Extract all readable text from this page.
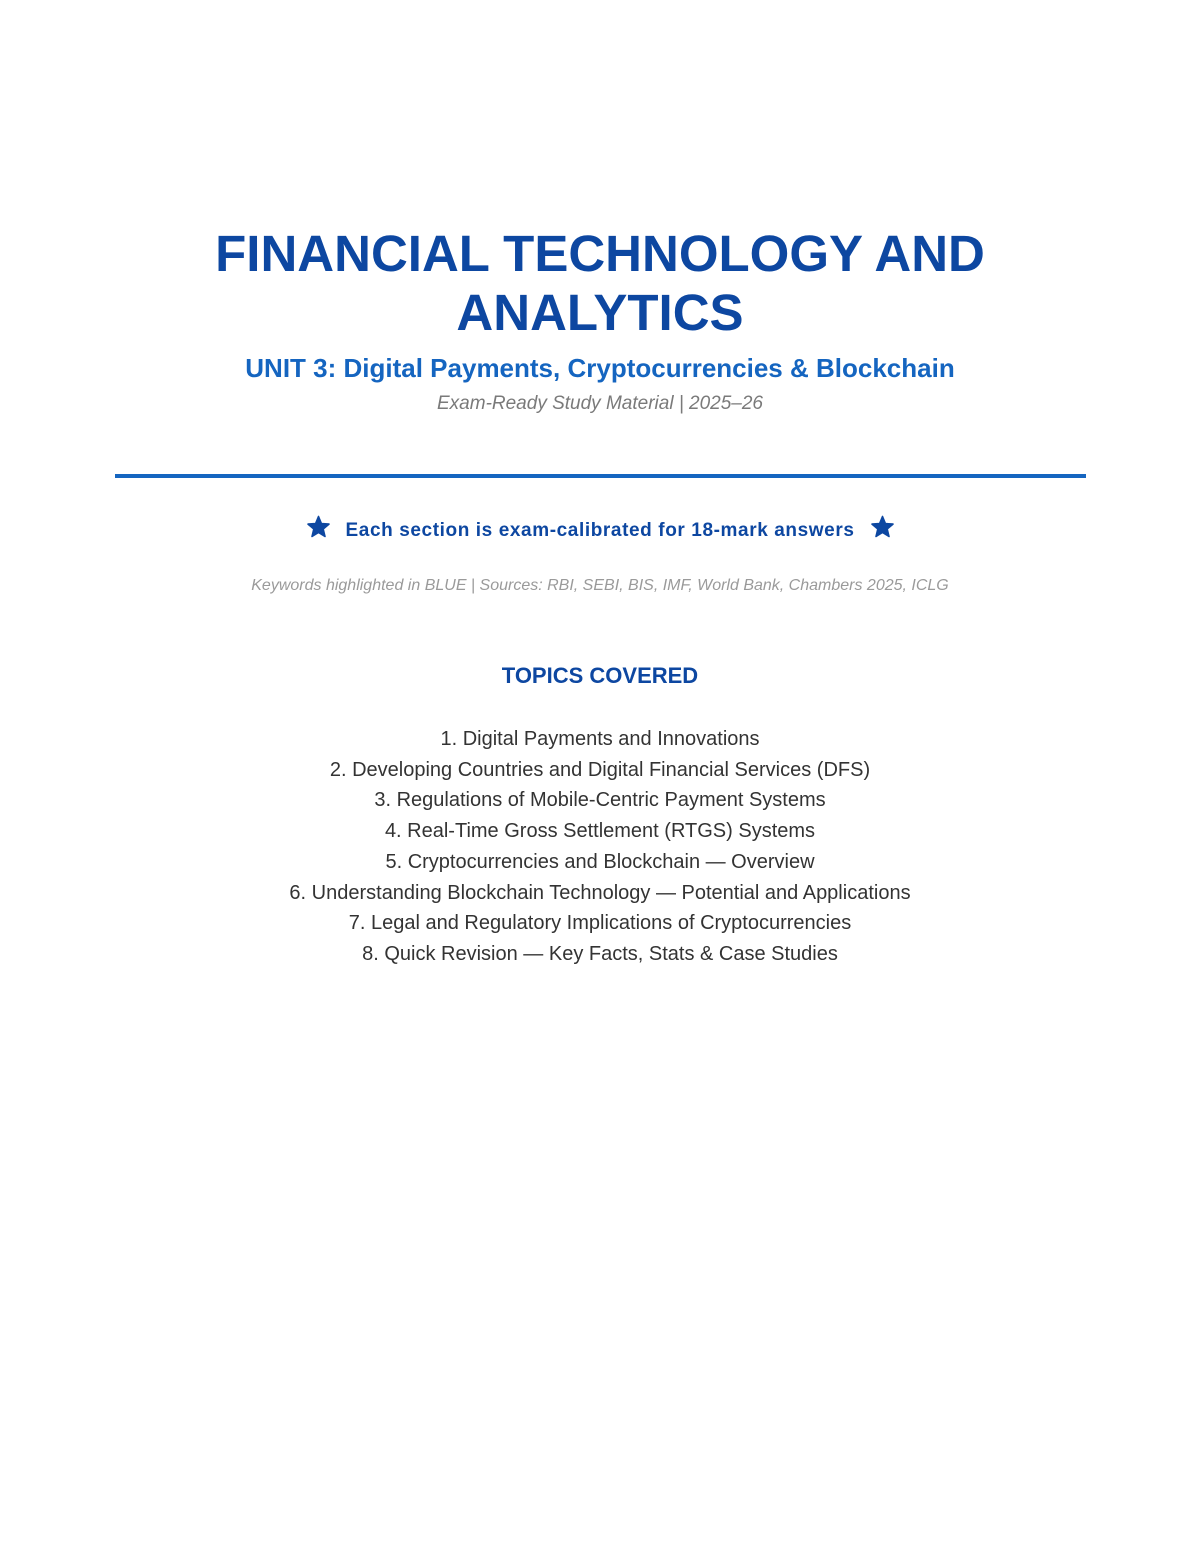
FINANCIAL TECHNOLOGY AND ANALYTICS
UNIT 3: Digital Payments, Cryptocurrencies & Blockchain
Exam-Ready Study Material | 2025–26
Each section is exam-calibrated for 18-mark answers
Keywords highlighted in BLUE | Sources: RBI, SEBI, BIS, IMF, World Bank, Chambers 2025, ICLG
TOPICS COVERED
1. Digital Payments and Innovations
2. Developing Countries and Digital Financial Services (DFS)
3. Regulations of Mobile-Centric Payment Systems
4. Real-Time Gross Settlement (RTGS) Systems
5. Cryptocurrencies and Blockchain — Overview
6. Understanding Blockchain Technology — Potential and Applications
7. Legal and Regulatory Implications of Cryptocurrencies
8. Quick Revision — Key Facts, Stats & Case Studies
